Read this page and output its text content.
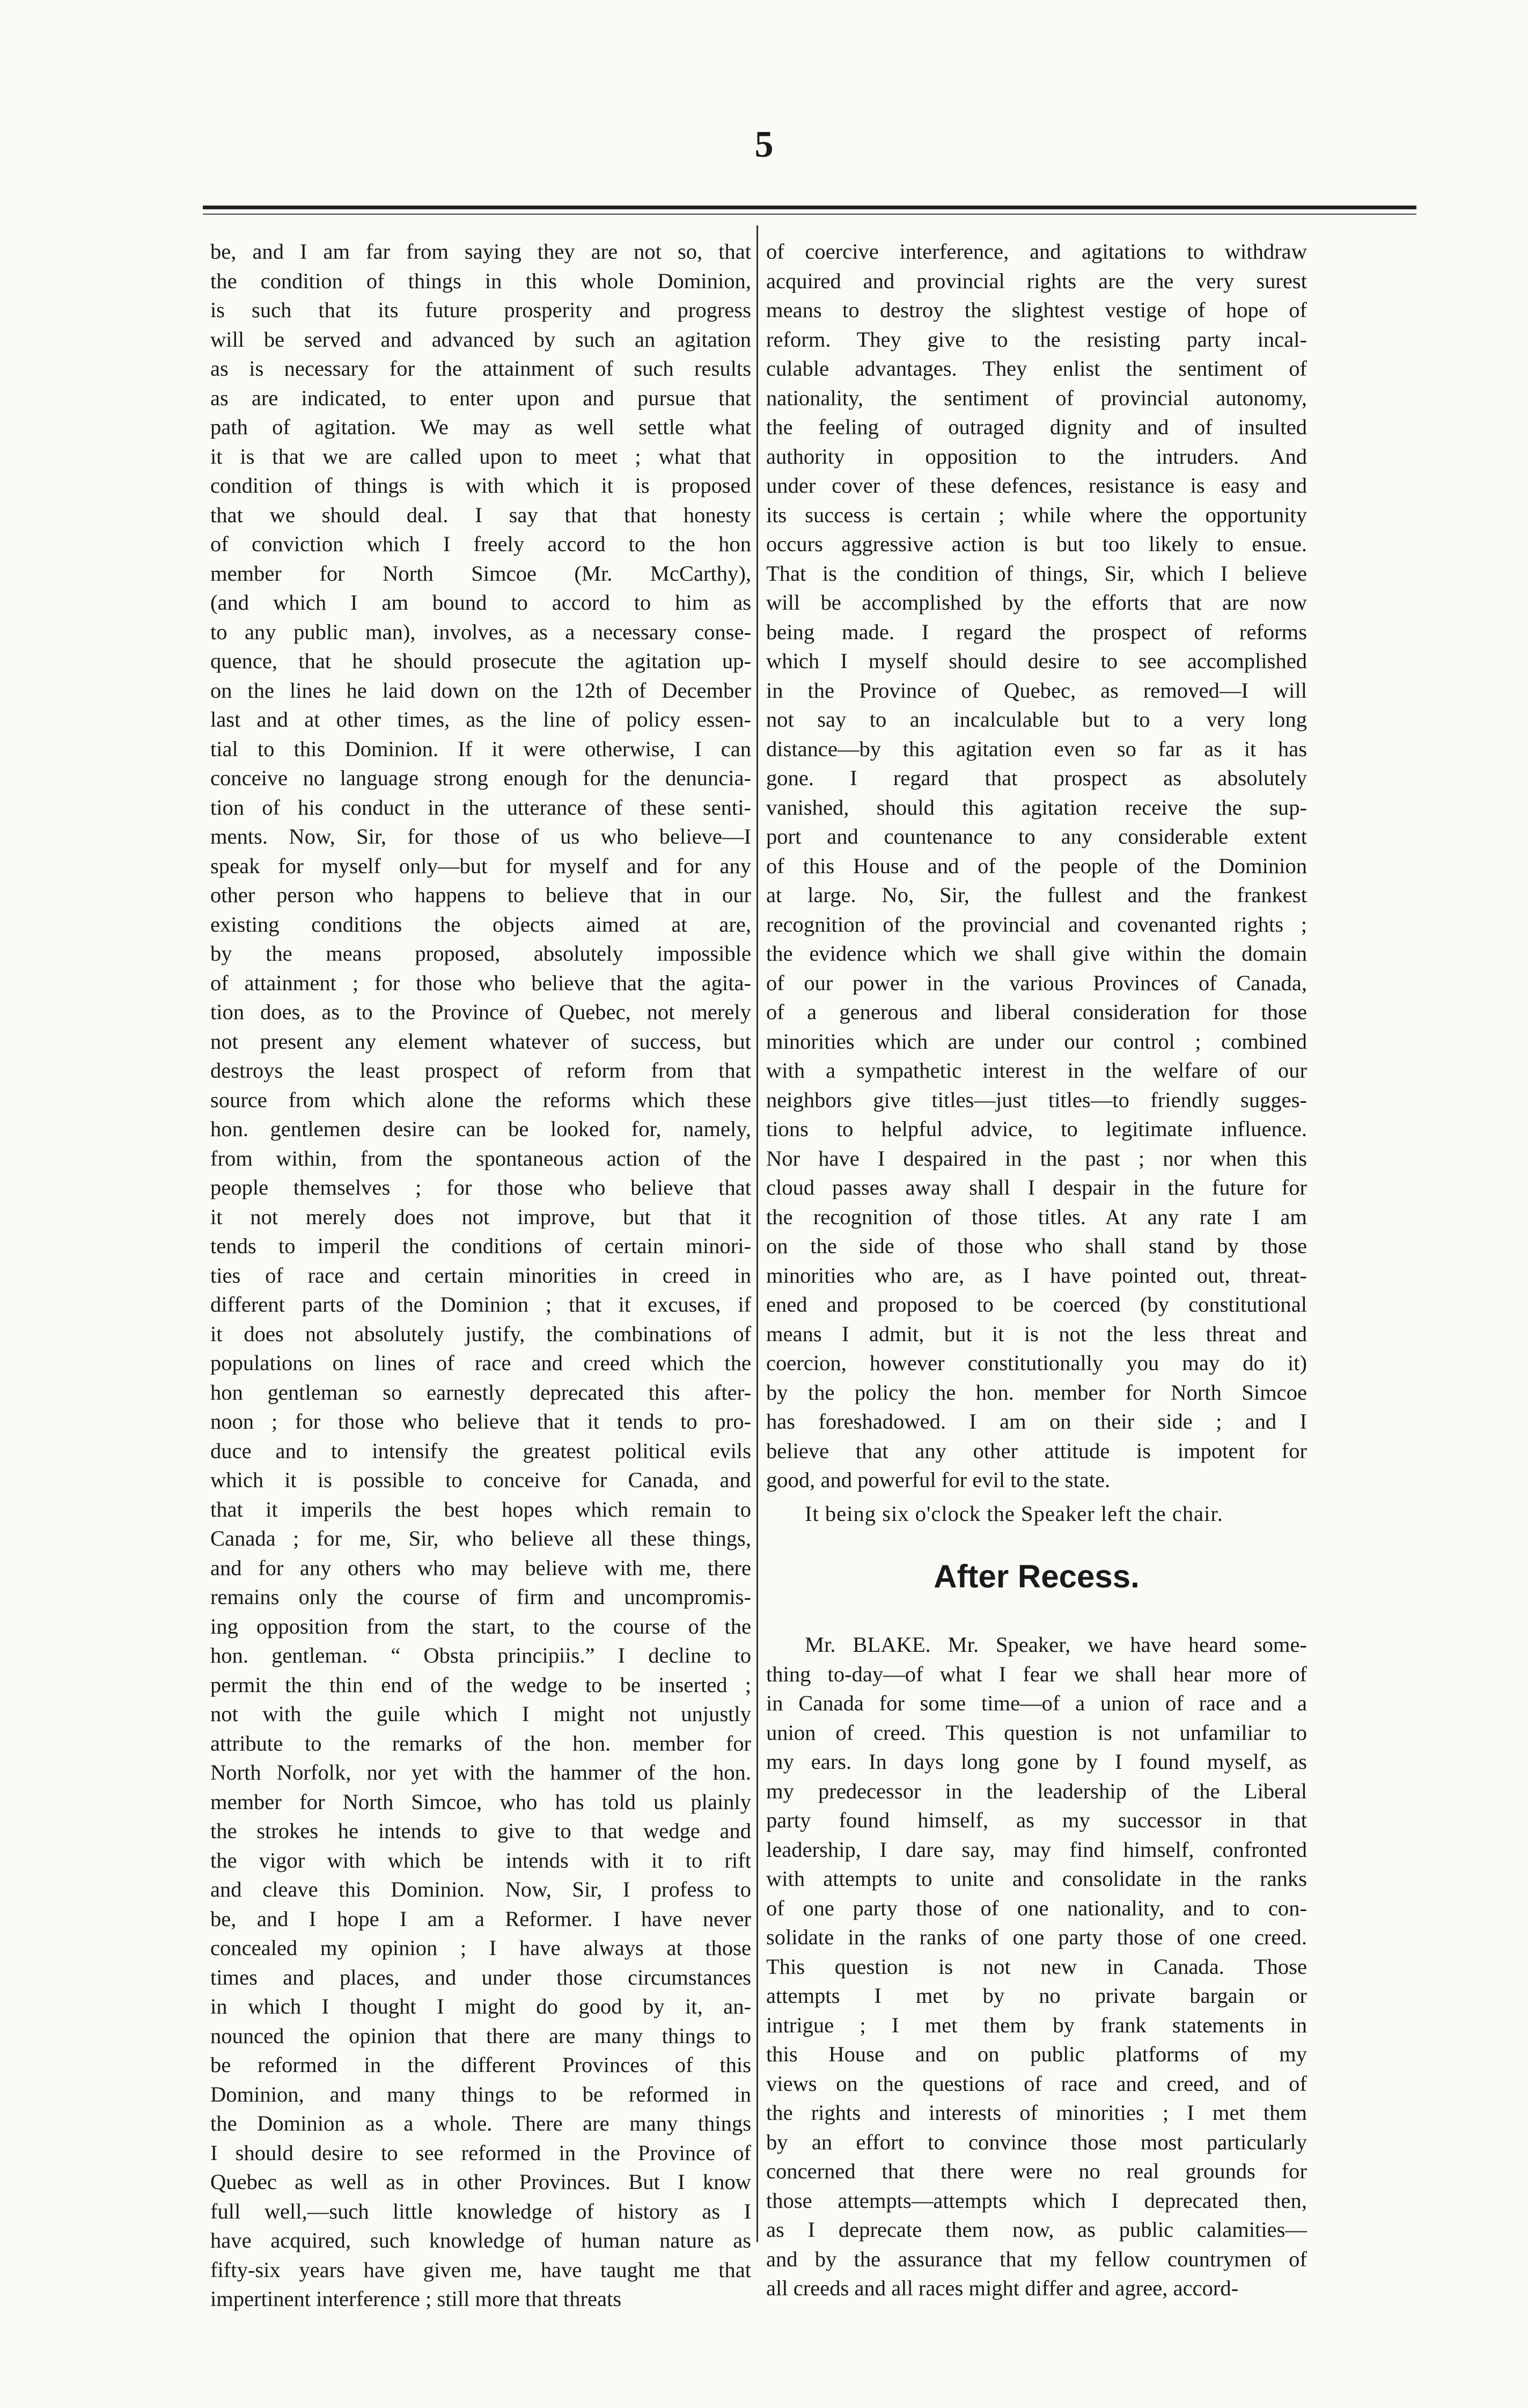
5
be, and I am far from saying they are not so, that
the condition of things in this whole Dominion,
is such that its future prosperity and progress
will be served and advanced by such an agitation
as is necessary for the attainment of such results
as are indicated, to enter upon and pursue that
path of agitation. We may as well settle what
it is that we are called upon to meet ; what that
condition of things is with which it is proposed
that we should deal. I say that that honesty
of conviction which I freely accord to the hon
member for North Simcoe (Mr. McCarthy),
(and which I am bound to accord to him as
to any public man), involves, as a necessary conse-
quence, that he should prosecute the agitation up-
on the lines he laid down on the 12th of December
last and at other times, as the line of policy essen-
tial to this Dominion. If it were otherwise, I can
conceive no language strong enough for the denuncia-
tion of his conduct in the utterance of these senti-
ments. Now, Sir, for those of us who believe—I
speak for myself only—but for myself and for any
other person who happens to believe that in our
existing conditions the objects aimed at are,
by the means proposed, absolutely impossible
of attainment ; for those who believe that the agita-
tion does, as to the Province of Quebec, not merely
not present any element whatever of success, but
destroys the least prospect of reform from that
source from which alone the reforms which these
hon. gentlemen desire can be looked for, namely,
from within, from the spontaneous action of the
people themselves ; for those who believe that
it not merely does not improve, but that it
tends to imperil the conditions of certain minori-
ties of race and certain minorities in creed in
different parts of the Dominion ; that it excuses, if
it does not absolutely justify, the combinations of
populations on lines of race and creed which the
hon gentleman so earnestly deprecated this after-
noon ; for those who believe that it tends to pro-
duce and to intensify the greatest political evils
which it is possible to conceive for Canada, and
that it imperils the best hopes which remain to
Canada ; for me, Sir, who believe all these things,
and for any others who may believe with me, there
remains only the course of firm and uncompromis-
ing opposition from the start, to the course of the
hon. gentleman. “ Obsta principiis.” I decline to
permit the thin end of the wedge to be inserted ;
not with the guile which I might not unjustly
attribute to the remarks of the hon. member for
North Norfolk, nor yet with the hammer of the hon.
member for North Simcoe, who has told us plainly
the strokes he intends to give to that wedge and
the vigor with which be intends with it to rift
and cleave this Dominion. Now, Sir, I profess to
be, and I hope I am a Reformer. I have never
concealed my opinion ; I have always at those
times and places, and under those circumstances
in which I thought I might do good by it, an-
nounced the opinion that there are many things to
be reformed in the different Provinces of this
Dominion, and many things to be reformed in
the Dominion as a whole. There are many things
I should desire to see reformed in the Province of
Quebec as well as in other Provinces. But I know
full well,—such little knowledge of history as I
have acquired, such knowledge of human nature as
fifty-six years have given me, have taught me that
impertinent interference ; still more that threats
of coercive interference, and agitations to withdraw
acquired and provincial rights are the very surest
means to destroy the slightest vestige of hope of
reform. They give to the resisting party incal-
culable advantages. They enlist the sentiment of
nationality, the sentiment of provincial autonomy,
the feeling of outraged dignity and of insulted
authority in opposition to the intruders. And
under cover of these defences, resistance is easy and
its success is certain ; while where the opportunity
occurs aggressive action is but too likely to ensue.
That is the condition of things, Sir, which I believe
will be accomplished by the efforts that are now
being made. I regard the prospect of reforms
which I myself should desire to see accomplished
in the Province of Quebec, as removed—I will
not say to an incalculable but to a very long
distance—by this agitation even so far as it has
gone. I regard that prospect as absolutely
vanished, should this agitation receive the sup-
port and countenance to any considerable extent
of this House and of the people of the Dominion
at large. No, Sir, the fullest and the frankest
recognition of the provincial and covenanted rights ;
the evidence which we shall give within the domain
of our power in the various Provinces of Canada,
of a generous and liberal consideration for those
minorities which are under our control ; combined
with a sympathetic interest in the welfare of our
neighbors give titles—just titles—to friendly sugges-
tions to helpful advice, to legitimate influence.
Nor have I despaired in the past ; nor when this
cloud passes away shall I despair in the future for
the recognition of those titles. At any rate I am
on the side of those who shall stand by those
minorities who are, as I have pointed out, threat-
ened and proposed to be coerced (by constitutional
means I admit, but it is not the less threat and
coercion, however constitutionally you may do it)
by the policy the hon. member for North Simcoe
has foreshadowed. I am on their side ; and I
believe that any other attitude is impotent for
good, and powerful for evil to the state.
It being six o'clock the Speaker left the chair.
After Recess.
Mr. BLAKE. Mr. Speaker, we have heard some-
thing to-day—of what I fear we shall hear more of
in Canada for some time—of a union of race and a
union of creed. This question is not unfamiliar to
my ears. In days long gone by I found myself, as
my predecessor in the leadership of the Liberal
party found himself, as my successor in that
leadership, I dare say, may find himself, confronted
with attempts to unite and consolidate in the ranks
of one party those of one nationality, and to con-
solidate in the ranks of one party those of one creed.
This question is not new in Canada. Those
attempts I met by no private bargain or
intrigue ; I met them by frank statements in
this House and on public platforms of my
views on the questions of race and creed, and of
the rights and interests of minorities ; I met them
by an effort to convince those most particularly
concerned that there were no real grounds for
those attempts—attempts which I deprecated then,
as I deprecate them now, as public calamities—
and by the assurance that my fellow countrymen of
all creeds and all races might differ and agree, accord-
